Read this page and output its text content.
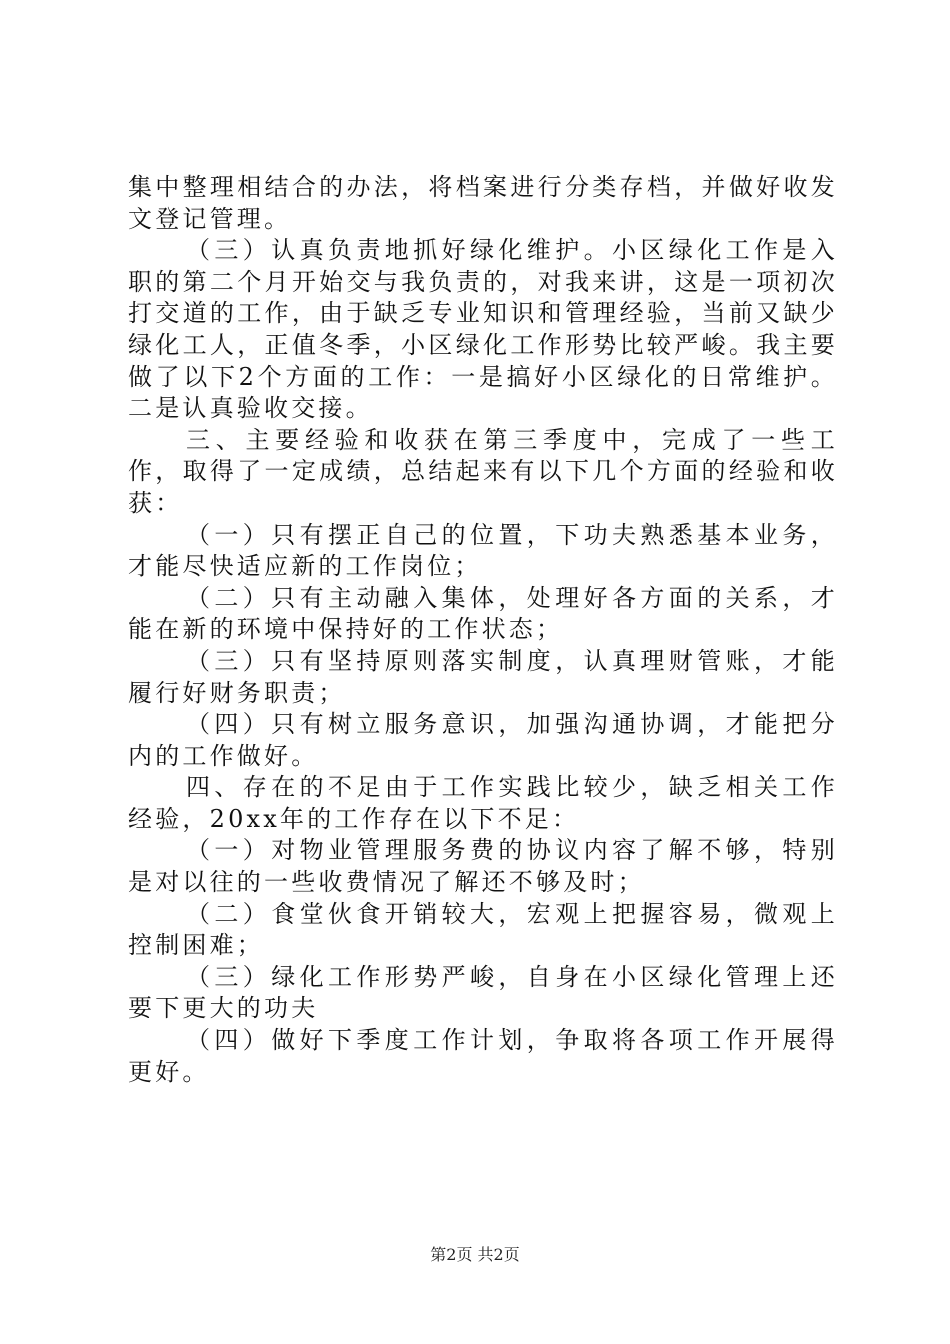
集中整理相结合的办法，将档案进行分类存档，并做好收发文登记管理。

（三）认真负责地抓好绿化维护。小区绿化工作是入职的第二个月开始交与我负责的，对我来讲，这是一项初次打交道的工作，由于缺乏专业知识和管理经验，当前又缺少绿化工人，正值冬季，小区绿化工作形势比较严峻。我主要做了以下2个方面的工作：一是搞好小区绿化的日常维护。二是认真验收交接。

三、主要经验和收获在第三季度中，完成了一些工作，取得了一定成绩，总结起来有以下几个方面的经验和收获：

（一）只有摆正自己的位置，下功夫熟悉基本业务，才能尽快适应新的工作岗位；

（二）只有主动融入集体，处理好各方面的关系，才能在新的环境中保持好的工作状态；

（三）只有坚持原则落实制度，认真理财管账，才能履行好财务职责；

（四）只有树立服务意识，加强沟通协调，才能把分内的工作做好。

四、存在的不足由于工作实践比较少，缺乏相关工作经验，20xx年的工作存在以下不足：

（一）对物业管理服务费的协议内容了解不够，特别是对以往的一些收费情况了解还不够及时；

（二）食堂伙食开销较大，宏观上把握容易，微观上控制困难；

（三）绿化工作形势严峻，自身在小区绿化管理上还要下更大的功夫

（四）做好下季度工作计划，争取将各项工作开展得更好。

第2页 共2页
